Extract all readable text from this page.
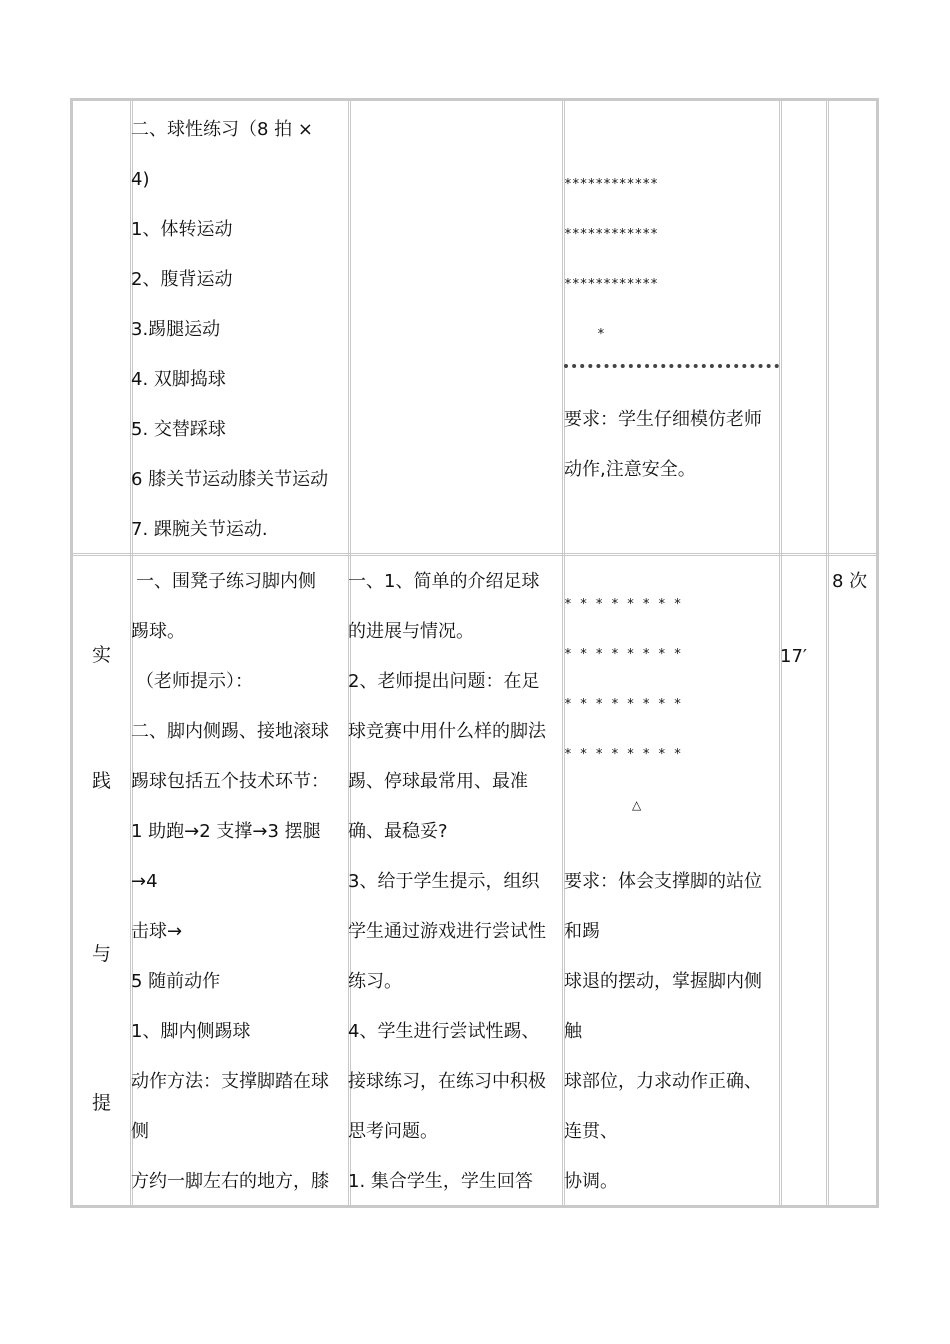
二、球性练习（8 拍 ×
4)
1、体转运动
2、腹背运动
3.踢腿运动
4. 双脚捣球
5. 交替踩球
6 膝关节运动膝关节运动
7. 踝腕关节运动.
************
************
************
*
要求：学生仔细模仿老师
动作,注意安全。
实
践
与
提
一、围凳子练习脚内侧
踢球。
（老师提示）：
二、脚内侧踢、接地滚球
踢球包括五个技术环节：
1 助跑→2 支撑→3 摆腿
→4
击球→
5 随前动作
1、脚内侧踢球
动作方法：支撑脚踏在球
侧
方约一脚左右的地方，膝
一、1、简单的介绍足球
的进展与情况。
2、老师提出问题：在足
球竞赛中用什么样的脚法
踢、停球最常用、最准
确、最稳妥?
3、给于学生提示，组织
学生通过游戏进行尝试性
练习。
4、学生进行尝试性踢、
接球练习，在练习中积极
思考问题。
1. 集合学生，学生回答
* * * * * * * *
* * * * * * * *
* * * * * * * *
* * * * * * * *
△
要求：体会支撑脚的站位
和踢
球退的摆动，掌握脚内侧
触
球部位，力求动作正确、
连贯、
协调。
17′
8 次
